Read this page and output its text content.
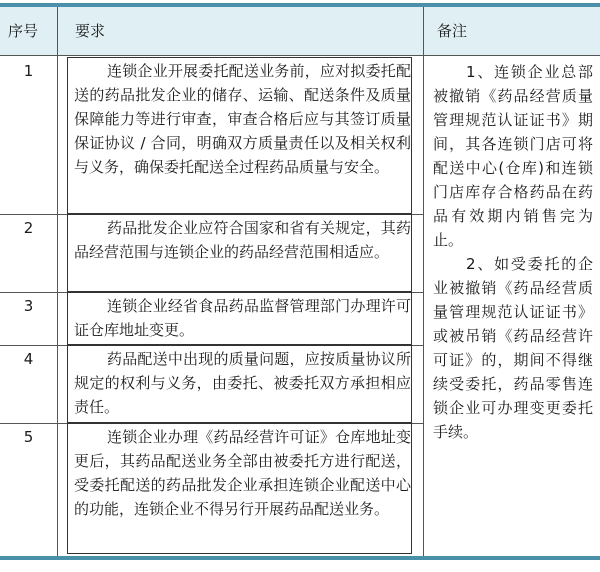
序号 要求	备注
1	连锁企业开展委托配送业务前，应对拟委托配送的药品批发企业的储存、运输、配送条件及质量保障能力等进行审查，审查合格后应与其签订质量保证协议 / 合同，明确双方质量责任以及相关权利与义务，确保委托配送全过程药品质量与安全。
2	药品批发企业应符合国家和省有关规定，其药品经营范围与连锁企业的药品经营范围相适应。
3	连锁企业经省食品药品监督管理部门办理许可证仓库地址变更。
4	药品配送中出现的质量问题，应按质量协议所规定的权利与义务，由委托、被委托双方承担相应责任。
5	连锁企业办理《药品经营许可证》仓库地址变更后，其药品配送业务全部由被委托方进行配送，受委托配送的药品批发企业承担连锁企业配送中心的功能，连锁企业不得另行开展药品配送业务。

1、连锁企业总部被撤销《药品经营质量管理规范认证证书》期间，其各连锁门店可将配送中心(仓库)和连锁门店库存合格药品在药品有效期内销售完为止。

2、如受委托的企业被撤销《药品经营质量管理规范认证证书》或被吊销《药品经营许可证》的，期间不得继续受委托，药品零售连锁企业可办理变更委托手续。
